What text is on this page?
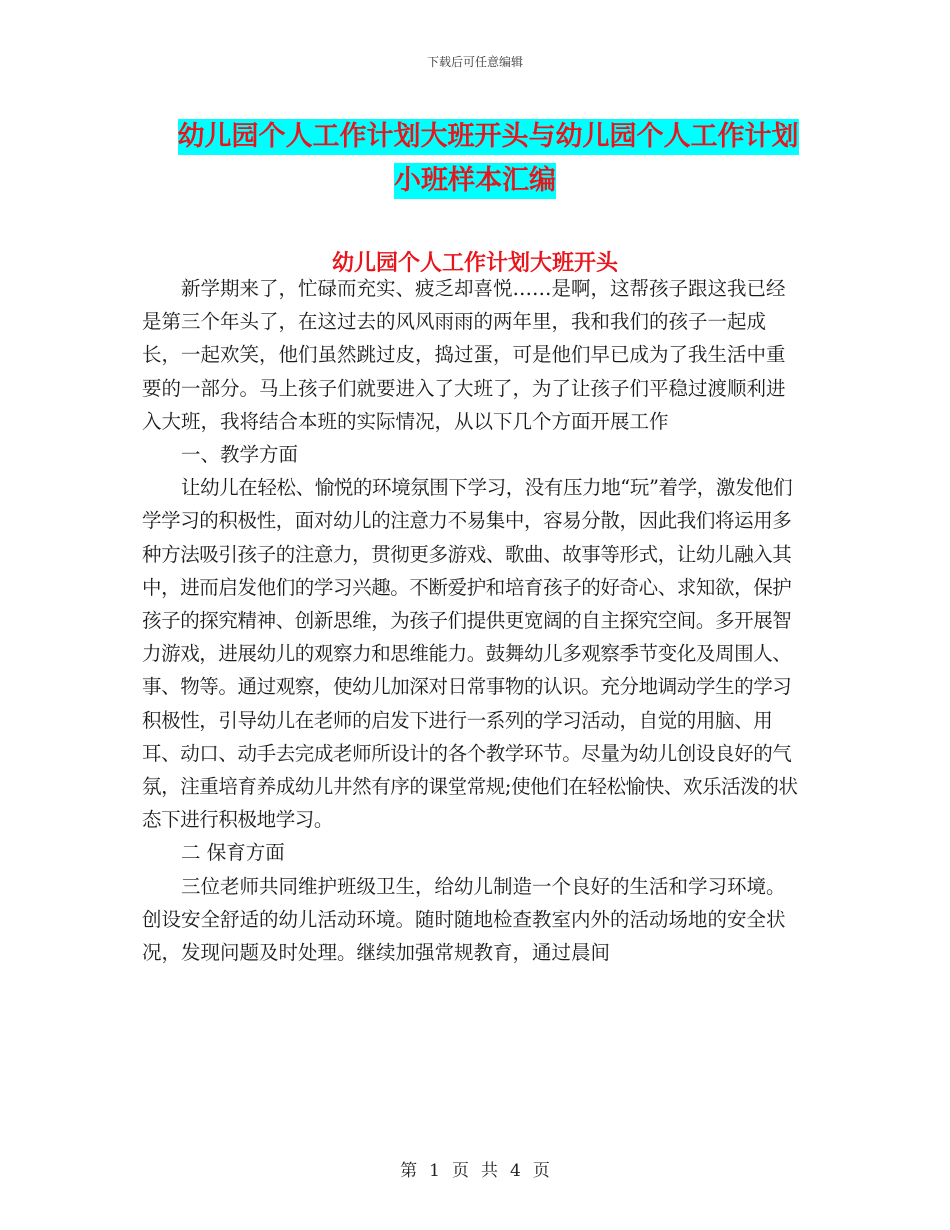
下载后可任意编辑
幼儿园个人工作计划大班开头与幼儿园个人工作计划
小班样本汇编
幼儿园个人工作计划大班开头

新学期来了，忙碌而充实、疲乏却喜悦……是啊，这帮孩子跟这我已经是第三个年头了，在这过去的风风雨雨的两年里，我和我们的孩子一起成长，一起欢笑，他们虽然跳过皮，捣过蛋，可是他们早已成为了我生活中重要的一部分。马上孩子们就要进入了大班了，为了让孩子们平稳过渡顺利进入大班，我将结合本班的实际情况，从以下几个方面开展工作

一、教学方面

让幼儿在轻松、愉悦的环境氛围下学习，没有压力地“玩”着学，激发他们学学习的积极性，面对幼儿的注意力不易集中，容易分散，因此我们将运用多种方法吸引孩子的注意力，贯彻更多游戏、歌曲、故事等形式，让幼儿融入其中，进而启发他们的学习兴趣。不断爱护和培育孩子的好奇心、求知欲，保护孩子的探究精神、创新思维，为孩子们提供更宽阔的自主探究空间。多开展智力游戏，进展幼儿的观察力和思维能力。鼓舞幼儿多观察季节变化及周围人、事、物等。通过观察，使幼儿加深对日常事物的认识。充分地调动学生的学习积极性，引导幼儿在老师的启发下进行一系列的学习活动，自觉的用脑、用耳、动口、动手去完成老师所设计的各个教学环节。尽量为幼儿创设良好的气氛，注重培育养成幼儿井然有序的课堂常规;使他们在轻松愉快、欢乐活泼的状态下进行积极地学习。

二 保育方面

三位老师共同维护班级卫生，给幼儿制造一个良好的生活和学习环境。创设安全舒适的幼儿活动环境。随时随地检查教室内外的活动场地的安全状况，发现问题及时处理。继续加强常规教育，通过晨间

第 1 页 共 4 页
